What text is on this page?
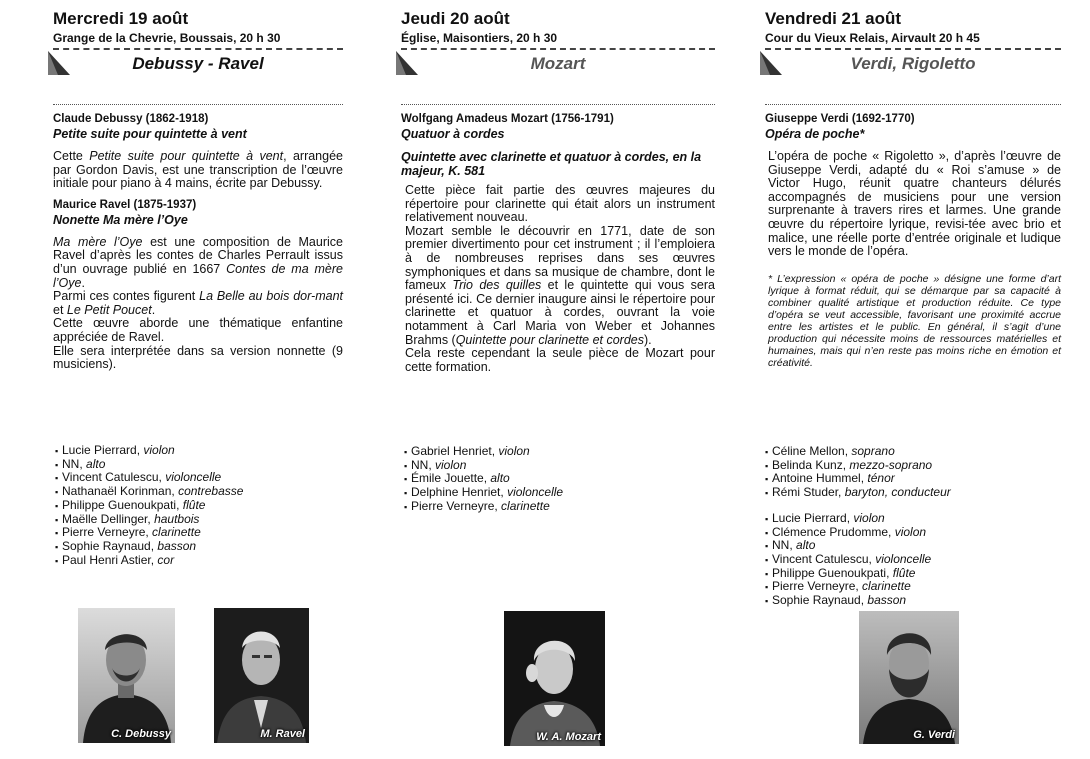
Mercredi 19 août

Grange de la Chevrie, Boussais, 20 h 30

Debussy - Ravel

Claude Debussy (1862-1918)

Petite suite pour quintette à vent

Cette Petite suite pour quintette à vent, arrangée par Gordon Davis, est une transcription de l’œuvre initiale pour piano à 4 mains, écrite par Debussy.

Maurice Ravel (1875-1937)

Nonette Ma mère l’Oye

Ma mère l’Oye est une composition de Maurice Ravel d’après les contes de Charles Perrault issus d’un ouvrage publié en 1667 Contes de ma mère l’Oye.

Parmi ces contes figurent La Belle au bois dor-mant et Le Petit Poucet.

Cette œuvre aborde une thématique enfantine appréciée de Ravel.

Elle sera interprétée dans sa version nonnette (9 musiciens).

▪ Lucie Pierrard, violon
▪ NN, alto
▪ Vincent Catulescu, violoncelle
▪ Nathanaël Korinman, contrebasse
▪ Philippe Guenoukpati, flûte
▪ Maëlle Dellinger, hautbois
▪ Pierre Verneyre, clarinette
▪ Sophie Raynaud, basson
▪ Paul Henri Astier, cor
C. Debussy	M. Ravel
Jeudi 20 août

Église, Maisontiers, 20 h 30

Mozart

Wolfgang Amadeus Mozart (1756-1791)

Quatuor à cordes

Quintette avec clarinette et quatuor à cordes, en la majeur, K. 581

Cette pièce fait partie des œuvres majeures du répertoire pour clarinette qui était alors un instrument relativement nouveau.

Mozart semble le découvrir en 1771, date de son premier divertimento pour cet instrument ; il l’emploiera à de nombreuses reprises dans ses œuvres symphoniques et dans sa musique de chambre, dont le fameux Trio des quilles et le quintette qui vous sera présenté ici. Ce dernier inaugure ainsi le répertoire pour clarinette et quatuor à cordes, ouvrant la voie notamment à Carl Maria von Weber et Johannes Brahms (Quintette pour clarinette et cordes).

Cela reste cependant la seule pièce de Mozart pour cette formation.

▪ Gabriel Henriet, violon
▪ NN, violon
▪ Émile Jouette, alto
▪ Delphine Henriet, violoncelle
▪ Pierre Verneyre, clarinette
W. A. Mozart
Vendredi 21 août

Cour du Vieux Relais, Airvault 20 h 45

Verdi, Rigoletto

Giuseppe Verdi (1692-1770)

Opéra de poche*

L’opéra de poche « Rigoletto », d’après l’œuvre de Giuseppe Verdi, adapté du « Roi s’amuse » de Victor Hugo, réunit quatre chanteurs délurés accompagnés de musiciens pour une version surprenante à travers rires et larmes. Une grande œuvre du répertoire lyrique, revisi-tée avec brio et malice, une réelle porte d’entrée originale et ludique vers le monde de l’opéra.

* L’expression « opéra de poche » désigne une forme d’art lyrique à format réduit, qui se démarque par sa capacité à combiner qualité artistique et production réduite. Ce type d’opéra se veut accessible, favorisant une proximité accrue entre les artistes et le public. En général, il s’agit d’une production qui nécessite moins de ressources matérielles et humaines, mais qui n’en reste pas moins riche en émotion et créativité.

▪ Céline Mellon, soprano
▪ Belinda Kunz, mezzo-soprano
▪ Antoine Hummel, ténor
▪ Rémi Studer, baryton, conducteur
▪ Lucie Pierrard, violon
▪ Clémence Prudomme, violon
▪ NN, alto
▪ Vincent Catulescu, violoncelle
▪ Philippe Guenoukpati, flûte
▪ Pierre Verneyre, clarinette
▪ Sophie Raynaud, basson
G. Verdi
